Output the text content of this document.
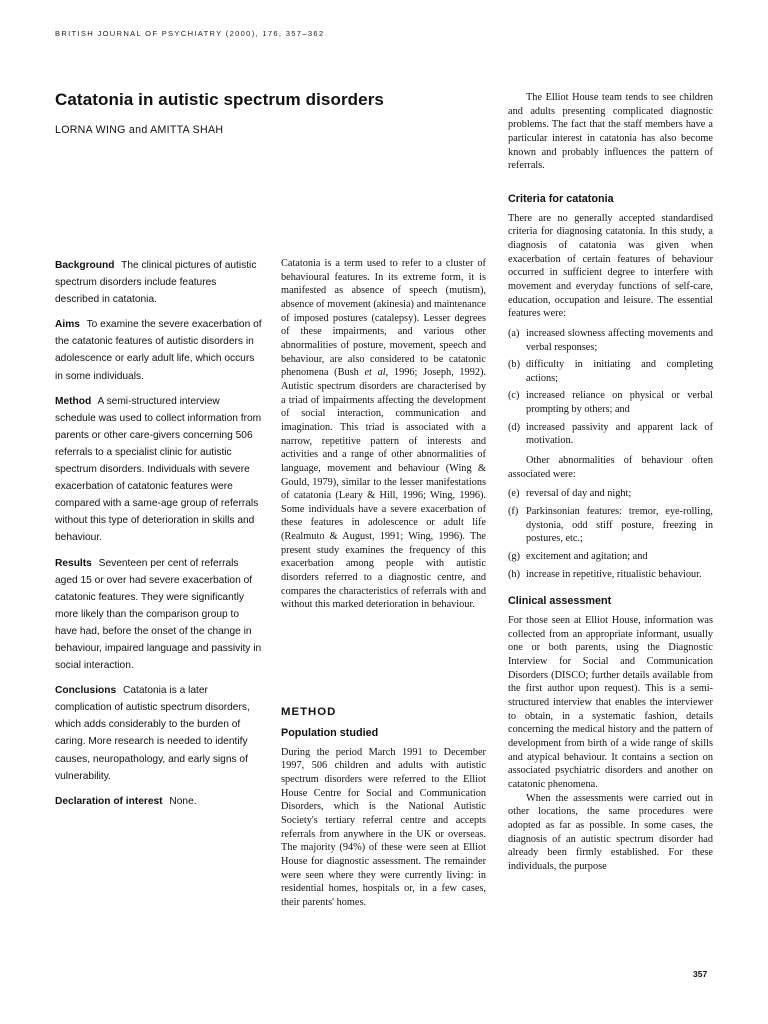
BRITISH JOURNAL OF PSYCHIATRY (2000), 176, 357–362
Catatonia in autistic spectrum disorders
LORNA WING and AMITTA SHAH

Background The clinical pictures of autistic spectrum disorders include features described in catatonia.

Aims To examine the severe exacerbation of the catatonic features of autistic disorders in adolescence or early adult life, which occurs in some individuals.

Method A semi-structured interview schedule was used to collect information from parents or other care-givers concerning 506 referrals to a specialist clinic for autistic spectrum disorders. Individuals with severe exacerbation of catatonic features were compared with a same-age group of referrals without this type of deterioration in skills and behaviour.

Results Seventeen per cent of referrals aged 15 or over had severe exacerbation of catatonic features. They were significantly more likely than the comparison group to have had, before the onset of the change in behaviour, impaired language and passivity in social interaction.

Conclusions Catatonia is a later complication of autistic spectrum disorders, which adds considerably to the burden of caring. More research is needed to identify causes, neuropathology, and early signs of vulnerability.

Declaration of interest None.

Catatonia is a term used to refer to a cluster of behavioural features. In its extreme form, it is manifested as absence of speech (mutism), absence of movement (akinesia) and maintenance of imposed postures (catalepsy). Lesser degrees of these impairments, and various other abnormalities of posture, movement, speech and behaviour, are also considered to be catatonic phenomena (Bush et al, 1996; Joseph, 1992). Autistic spectrum disorders are characterised by a triad of impairments affecting the development of social interaction, communication and imagination. This triad is associated with a narrow, repetitive pattern of interests and activities and a range of other abnormalities of language, movement and behaviour (Wing & Gould, 1979), similar to the lesser manifestations of catatonia (Leary & Hill, 1996; Wing, 1996). Some individuals have a severe exacerbation of these features in adolescence or adult life (Realmuto & August, 1991; Wing, 1996). The present study examines the frequency of this exacerbation among people with autistic disorders referred to a diagnostic centre, and compares the characteristics of referrals with and without this marked deterioration in behaviour.

METHOD
Population studied

During the period March 1991 to December 1997, 506 children and adults with autistic spectrum disorders were referred to the Elliot House Centre for Social and Communication Disorders, which is the National Autistic Society's tertiary referral centre and accepts referrals from anywhere in the UK or overseas. The majority (94%) of these were seen at Elliot House for diagnostic assessment. The remainder were seen where they were currently living: in residential homes, hospitals or, in a few cases, their parents' homes.

The Elliot House team tends to see children and adults presenting complicated diagnostic problems. The fact that the staff members have a particular interest in catatonia has also become known and probably influences the pattern of referrals.

Criteria for catatonia

There are no generally accepted standardised criteria for diagnosing catatonia. In this study, a diagnosis of catatonia was given when exacerbation of certain features of behaviour occurred in sufficient degree to interfere with movement and everyday functions of self-care, education, occupation and leisure. The essential features were:

(a) increased slowness affecting movements and verbal responses;
(b) difficulty in initiating and completing actions;
(c) increased reliance on physical or verbal prompting by others; and
(d) increased passivity and apparent lack of motivation.

Other abnormalities of behaviour often associated were:

(e) reversal of day and night;
(f) Parkinsonian features: tremor, eye-rolling, dystonia, odd stiff posture, freezing in postures, etc.;
(g) excitement and agitation; and
(h) increase in repetitive, ritualistic behaviour.
Clinical assessment

For those seen at Elliot House, information was collected from an appropriate informant, usually one or both parents, using the Diagnostic Interview for Social and Communication Disorders (DISCO; further details available from the first author upon request). This is a semi-structured interview that enables the interviewer to obtain, in a systematic fashion, details concerning the medical history and the pattern of development from birth of a wide range of skills and atypical behaviour. It contains a section on associated psychiatric disorders and another on catatonic phenomena.

When the assessments were carried out in other locations, the same procedures were adopted as far as possible. In some cases, the diagnosis of an autistic spectrum disorder had already been firmly established. For these individuals, the purpose

357
